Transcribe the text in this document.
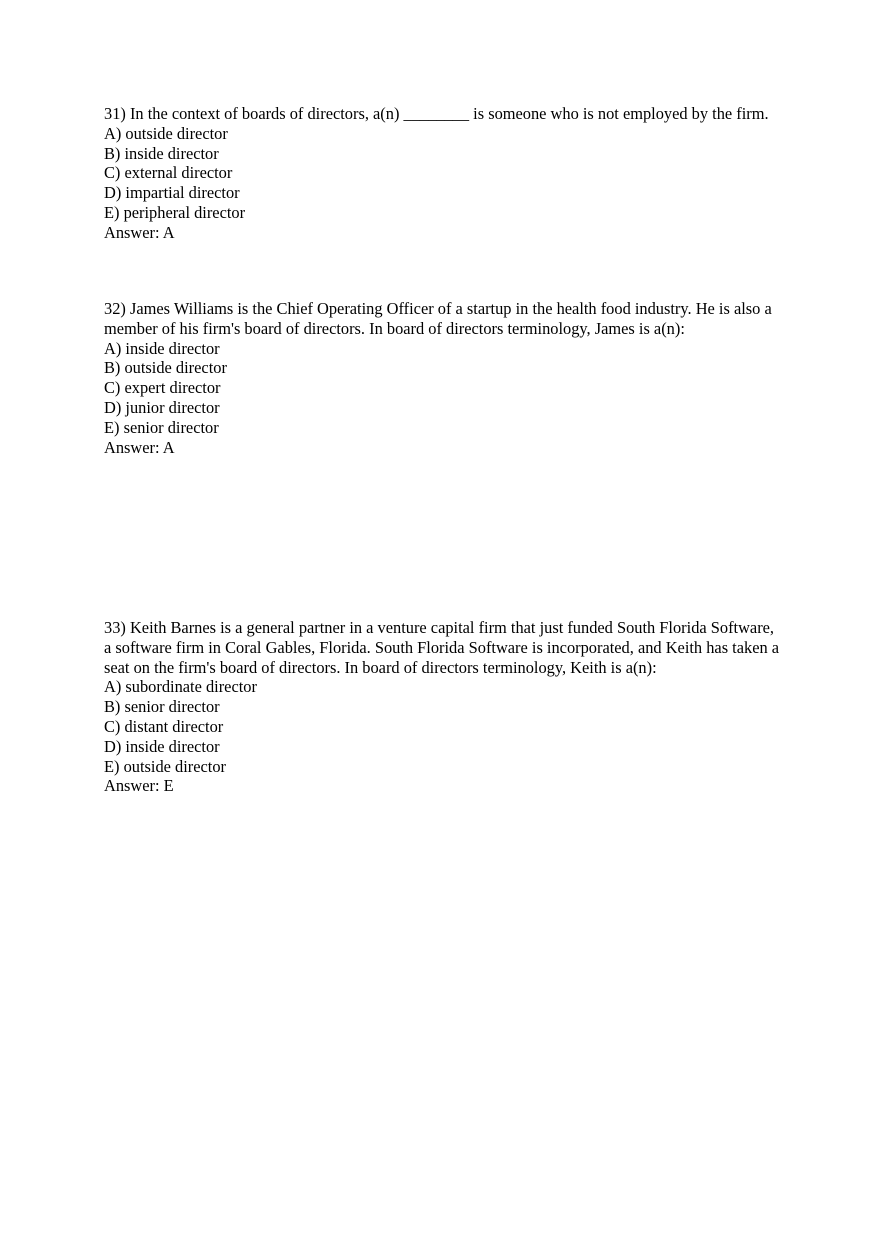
31) In the context of boards of directors, a(n) ________ is someone who is not employed by the firm.

A) outside director

B) inside director

C) external director

D) impartial director

E) peripheral director

Answer: A

32) James Williams is the Chief Operating Officer of a startup in the health food industry. He is also a member of his firm's board of directors. In board of directors terminology, James is a(n):

A) inside director

B) outside director

C) expert director

D) junior director

E) senior director

Answer: A

33) Keith Barnes is a general partner in a venture capital firm that just funded South Florida Software, a software firm in Coral Gables, Florida. South Florida Software is incorporated, and Keith has taken a seat on the firm's board of directors. In board of directors terminology, Keith is a(n):

A) subordinate director

B) senior director

C) distant director

D) inside director

E) outside director

Answer: E
